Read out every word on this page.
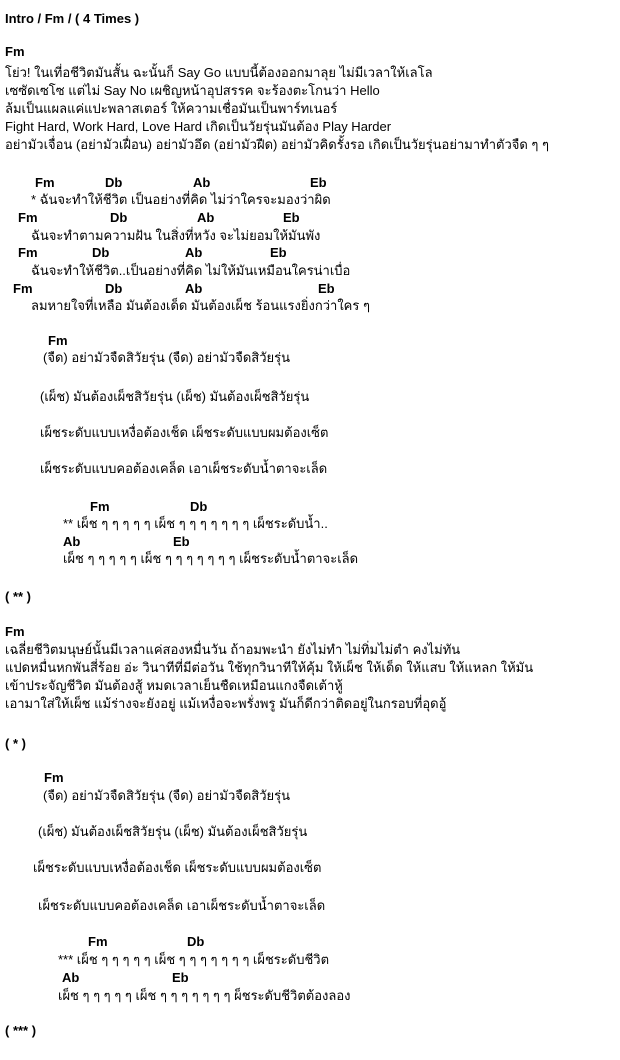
Intro / Fm / ( 4 Times )
Fm
โย่ว! ในเที่อชีวิตมันสั้น ฉะนั้นก็ Say Go แบบนี้ต้องออกมาลุย ไม่มีเวลาให้เลโล
เซซัดเซโซ แต่ไม่ Say No เผชิญหน้าอุปสรรค จะร้องตะโกนว่า Hello
ล้มเป็นแผลแค่แปะพลาสเตอร์ ให้ความเชื่อมันเป็นพาร์ทเนอร์
Fight Hard, Work Hard, Love Hard เกิดเป็นวัยรุ่นมันต้อง Play Harder
อย่ามัวเจื่อน (อย่ามัวเฝื่อน) อย่ามัวอึด (อย่ามัวฝืด) อย่ามัวคิดรั้งรอ เกิดเป็นวัยรุ่นอย่ามาทำตัวจืด ๆ ๆ
Fm	Db	Ab	Eb
* ฉันจะทำให้ชีวิต เป็นอย่างที่คิด ไม่ว่าใครจะมองว่าผิด
Fm	Db	Ab	Eb
ฉันจะทำตามความฝัน ในสิ่งที่หวัง จะไม่ยอมให้มันพัง
Fm	Db	Ab	Eb
ฉันจะทำให้ชีวิต..เป็นอย่างที่คิด ไม่ให้มันเหมือนใครน่าเบื่อ
Fm	Db	Ab	Eb
ลมหายใจที่เหลือ มันต้องเด็ด มันต้องเผ็ช ร้อนแรงยิ่งกว่าใคร ๆ
Fm
(จืด) อย่ามัวจืดสิวัยรุ่น (จืด) อย่ามัวจืดสิวัยรุ่น
(เผ็ช) มันต้องเผ็ชสิวัยรุ่น (เผ็ช) มันต้องเผ็ชสิวัยรุ่น
เผ็ชระดับแบบเหงื่อต้องเช็ด เผ็ชระดับแบบผมต้องเซ็ต
เผ็ชระดับแบบคอต้องเคล็ด เอาเผ็ชระดับน้ำตาจะเล็ด
Fm	Db
** เผ็ช ๆ ๆ ๆ ๆ ๆ เผ็ช ๆ ๆ ๆ ๆ ๆ ๆ ๆ เผ็ชระดับน้ำ..
Ab	Eb
เผ็ช ๆ ๆ ๆ ๆ ๆ เผ็ช ๆ ๆ ๆ ๆ ๆ ๆ ๆ เผ็ชระดับน้ำตาจะเล็ด
( ** )
Fm
เฉลี่ยชีวิตมนุษย์นั้นมีเวลาแค่สองหมื่นวัน ถ้าอมพะนำ ยังไม่ทำ ไม่ทิ่มไม่ตำ คงไม่ทัน
แปดหมื่นหกพันสี่ร้อย อ่ะ วินาทีที่มีต่อวัน ใช้ทุกวินาทีให้คุ้ม ให้เผ็ช ให้เด็ด ให้แสบ ให้แหลก ให้มัน
เข้าประจัญชีวิต มันต้องสู้ หมดเวลาเย็นชืดเหมือนแกงจืดเต้าหู้
เอามาใส่ให้เผ็ช แม้ร่างจะยังอยู่ แม้เหงื่อจะพรั่งพรู มันก็ดีกว่าติดอยู่ในกรอบที่อุดอู้
( * )
Fm
(จืด) อย่ามัวจืดสิวัยรุ่น (จืด) อย่ามัวจืดสิวัยรุ่น
(เผ็ช) มันต้องเผ็ชสิวัยรุ่น (เผ็ช) มันต้องเผ็ชสิวัยรุ่น
เผ็ชระดับแบบเหงื่อต้องเช็ด เผ็ชระดับแบบผมต้องเซ็ต
เผ็ชระดับแบบคอต้องเคล็ด เอาเผ็ชระดับน้ำตาจะเล็ด
Fm	Db
*** เผ็ช ๆ ๆ ๆ ๆ ๆ เผ็ช ๆ ๆ ๆ ๆ ๆ ๆ ๆ เผ็ชระดับชีวิต
Ab	Eb
เผ็ช ๆ ๆ ๆ ๆ ๆ เผ็ช ๆ ๆ ๆ ๆ ๆ ๆ ๆ ผ็ชระดับชีวิตต้องลอง
( *** )
